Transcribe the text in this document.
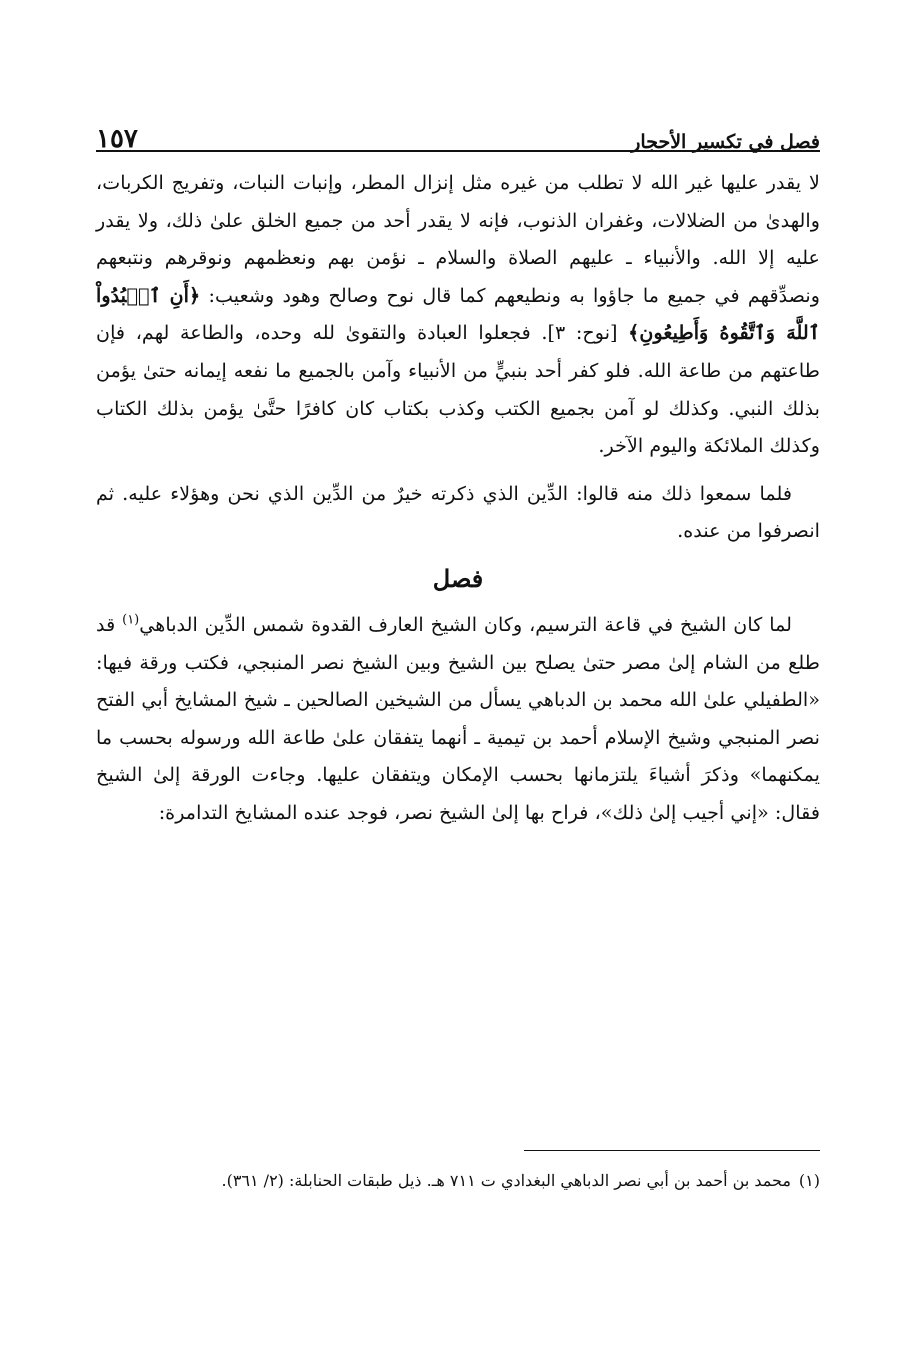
فصل في تكسير الأحجار
١٥٧

لا يقدر عليها غير الله لا تطلب من غيره مثل إنزال المطر، وإنبات النبات، وتفريج الكربات، والهدىٰ من الضلالات، وغفران الذنوب، فإنه لا يقدر أحد من جميع الخلق علىٰ ذلك، ولا يقدر عليه إلا الله. والأنبياء ـ عليهم الصلاة والسلام ـ نؤمن بهم ونعظمهم ونوقرهم ونتبعهم ونصدِّقهم في جميع ما جاؤوا به ونطيعهم كما قال نوح وصالح وهود وشعيب: ﴿أَنِ ٱعۡبُدُواْ ٱللَّهَ وَٱتَّقُوهُ وَأَطِيعُونِ﴾ [نوح: ٣]. فجعلوا العبادة والتقوىٰ لله وحده، والطاعة لهم، فإن طاعتهم من طاعة الله. فلو كفر أحد بنبيٍّ من الأنبياء وآمن بالجميع ما نفعه إيمانه حتىٰ يؤمن بذلك النبي. وكذلك لو آمن بجميع الكتب وكذب بكتاب كان كافرًا حتَّىٰ يؤمن بذلك الكتاب وكذلك الملائكة واليوم الآخر.

فلما سمعوا ذلك منه قالوا: الدِّين الذي ذكرته خيرٌ من الدِّين الذي نحن وهؤلاء عليه. ثم انصرفوا من عنده.

فصل

لما كان الشيخ في قاعة الترسيم، وكان الشيخ العارف القدوة شمس الدِّين الدباهي$^{(١)}$ قد طلع من الشام إلىٰ مصر حتىٰ يصلح بين الشيخ وبين الشيخ نصر المنبجي، فكتب ورقة فيها: «الطفيلي علىٰ الله محمد بن الدباهي يسأل من الشيخين الصالحين ـ شيخ المشايخ أبي الفتح نصر المنبجي وشيخ الإسلام أحمد بن تيمية ـ أنهما يتفقان علىٰ طاعة الله ورسوله بحسب ما يمكنهما» وذكرَ أشياءَ يلتزمانها بحسب الإمكان ويتفقان عليها. وجاءت الورقة إلىٰ الشيخ فقال: «إني أجيب إلىٰ ذلك»، فراح بها إلىٰ الشيخ نصر، فوجد عنده المشايخ التدامرة:

(١)محمد بن أحمد بن أبي نصر الدباهي البغدادي ت ٧١١ هـ. ذيل طبقات الحنابلة: (٢/ ٣٦١).
